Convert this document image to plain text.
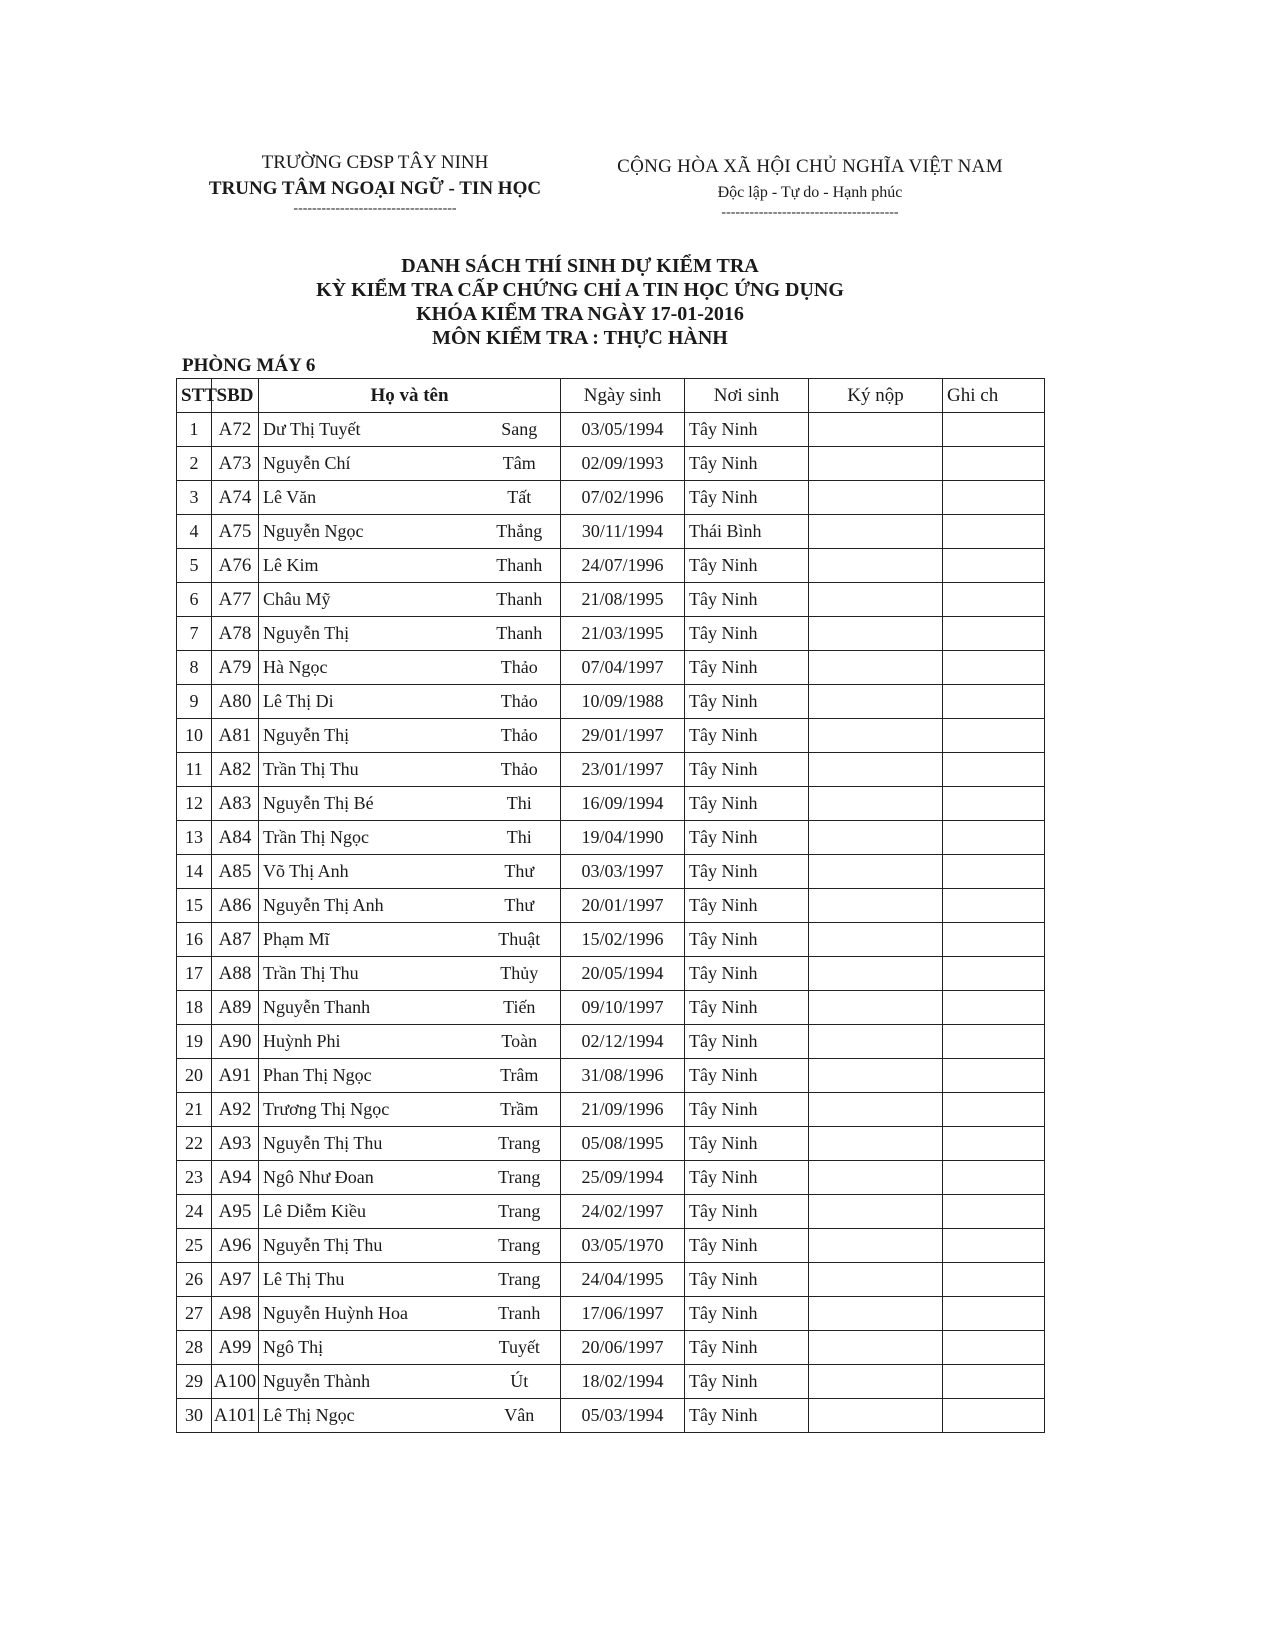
TRƯỜNG CĐSP TÂY NINH
TRUNG TÂM NGOẠI NGỮ - TIN HỌC
-----------------------------------
CỘNG HÒA XÃ HỘI CHỦ NGHĨA VIỆT NAM
Độc lập - Tự do - Hạnh phúc
--------------------------------------
DANH SÁCH THÍ SINH DỰ KIỂM TRA
KỲ KIỂM TRA CẤP CHỨNG CHỈ A TIN HỌC ỨNG DỤNG
KHÓA KIỂM TRA NGÀY 17-01-2016
MÔN KIỂM TRA : THỰC HÀNH
PHÒNG MÁY 6
STT	SBD	Họ và tên		Ngày sinh	Nơi sinh	Ký nộp	Ghi ch
1	A72	Dư Thị Tuyết	Sang	03/05/1994	Tây Ninh		
2	A73	Nguyễn Chí	Tâm	02/09/1993	Tây Ninh		
3	A74	Lê Văn	Tất	07/02/1996	Tây Ninh		
4	A75	Nguyễn Ngọc	Thắng	30/11/1994	Thái Bình		
5	A76	Lê Kim	Thanh	24/07/1996	Tây Ninh		
6	A77	Châu Mỹ	Thanh	21/08/1995	Tây Ninh		
7	A78	Nguyễn Thị	Thanh	21/03/1995	Tây Ninh		
8	A79	Hà Ngọc	Thảo	07/04/1997	Tây Ninh		
9	A80	Lê Thị Di	Thảo	10/09/1988	Tây Ninh		
10	A81	Nguyễn Thị	Thảo	29/01/1997	Tây Ninh		
11	A82	Trần Thị Thu	Thảo	23/01/1997	Tây Ninh		
12	A83	Nguyễn Thị Bé	Thi	16/09/1994	Tây Ninh		
13	A84	Trần Thị Ngọc	Thi	19/04/1990	Tây Ninh		
14	A85	Võ Thị Anh	Thư	03/03/1997	Tây Ninh		
15	A86	Nguyễn Thị Anh	Thư	20/01/1997	Tây Ninh		
16	A87	Phạm Mĩ	Thuật	15/02/1996	Tây Ninh		
17	A88	Trần Thị Thu	Thủy	20/05/1994	Tây Ninh		
18	A89	Nguyễn Thanh	Tiến	09/10/1997	Tây Ninh		
19	A90	Huỳnh Phi	Toàn	02/12/1994	Tây Ninh		
20	A91	Phan Thị Ngọc	Trâm	31/08/1996	Tây Ninh		
21	A92	Trương Thị Ngọc	Trầm	21/09/1996	Tây Ninh		
22	A93	Nguyễn Thị Thu	Trang	05/08/1995	Tây Ninh		
23	A94	Ngô Như Đoan	Trang	25/09/1994	Tây Ninh		
24	A95	Lê Diễm Kiều	Trang	24/02/1997	Tây Ninh		
25	A96	Nguyễn Thị Thu	Trang	03/05/1970	Tây Ninh		
26	A97	Lê Thị Thu	Trang	24/04/1995	Tây Ninh		
27	A98	Nguyễn Huỳnh Hoa	Tranh	17/06/1997	Tây Ninh		
28	A99	Ngô Thị	Tuyết	20/06/1997	Tây Ninh		
29	A100	Nguyễn Thành	Út	18/02/1994	Tây Ninh		
30	A101	Lê Thị Ngọc	Vân	05/03/1994	Tây Ninh		
